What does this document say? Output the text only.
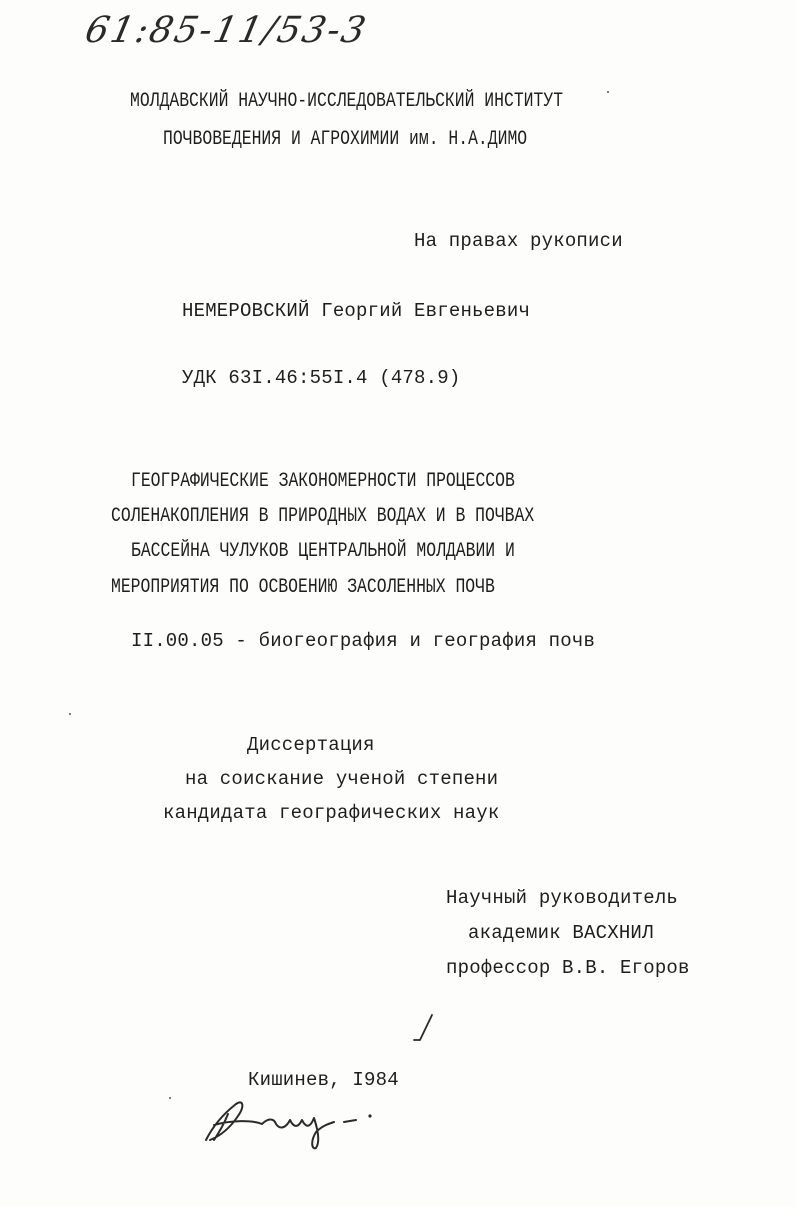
61:85-11/53-3
МОЛДАВСКИЙ НАУЧНО-ИССЛЕДОВАТЕЛЬСКИЙ ИНСТИТУТ
ПОЧВОВЕДЕНИЯ И АГРОХИМИИ им. Н.А.ДИМО
На правах рукописи
НЕМЕРОВСКИЙ Георгий Евгеньевич
УДК 63I.46:55I.4 (478.9)
ГЕОГРАФИЧЕСКИЕ ЗАКОНОМЕРНОСТИ ПРОЦЕССОВ
СОЛЕНАКОПЛЕНИЯ В ПРИРОДНЫХ ВОДАХ И В ПОЧВАХ
БАССЕЙНА ЧУЛУКОВ ЦЕНТРАЛЬНОЙ МОЛДАВИИ И
МЕРОПРИЯТИЯ ПО ОСВОЕНИЮ ЗАСОЛЕННЫХ ПОЧВ
II.00.05 - биогеография и география почв
Диссертация
на соискание ученой степени
кандидата географических наук
Научный руководитель
академик ВАСХНИЛ
профессор В.В. Егоров
Кишинев, I984
